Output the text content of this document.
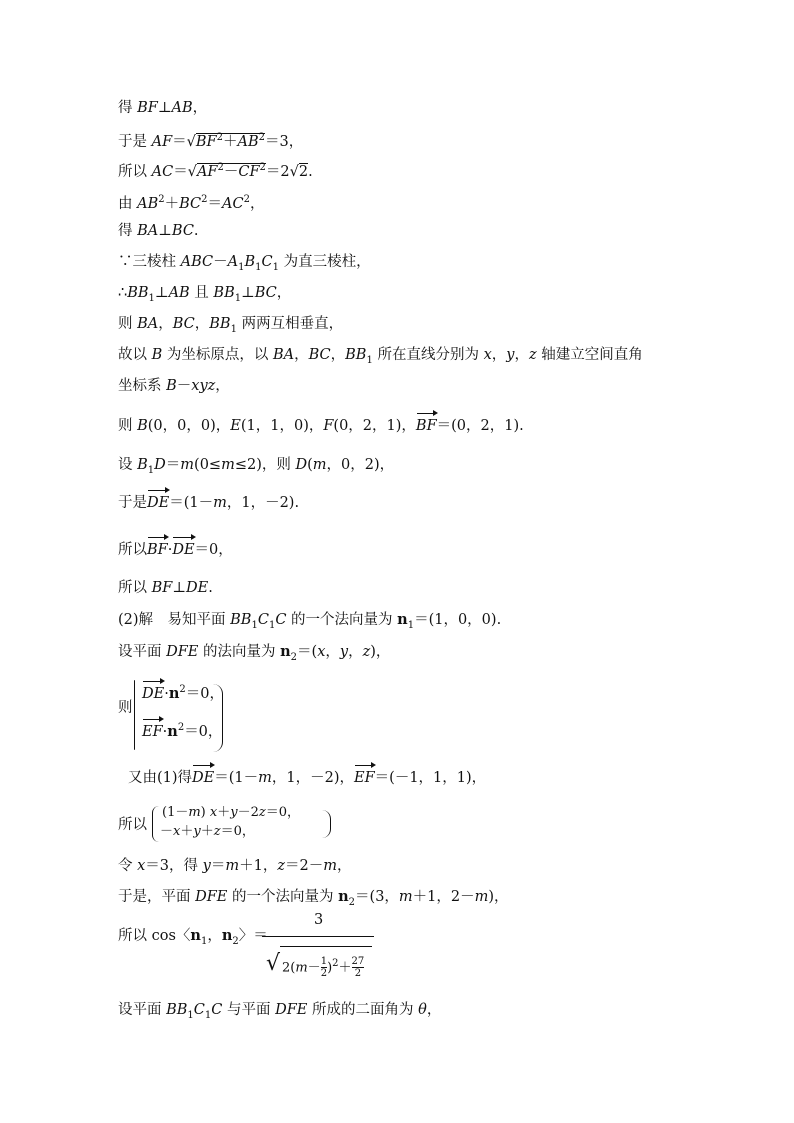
得 BF⊥AB，
于是 $AF=√BF^2+AB^2=3$，
所以 $AC=√AF^2-CF^2=2√2$.
由 $AB^2+BC^2=AC^2$，
得 BA⊥BC.
∵三棱柱 $ABC-A_1B_1C_1$ 为直三棱柱，
$\therefore BB_1\perp AB$ 且 $BB_1\perp BC$，
则 BA，BC，$BB_1$ 两两互相垂直，
故以 B 为坐标原点，以 BA，BC，$BB_1$ 所在直线分别为 x，y，z 轴建立空间直角
坐标系 B－xyz，
则 B(0，0，0)，E(1，1，0)，F(0，2，1)，BF＝(0，2，1).
设 $B_1D=m(0\le m\le 2)$，则 D(m，0，2)，
于是DE＝(1－m，1，－2).
所以BF·DE＝0，
所以 BF⊥DE.
(2)解　易知平面 $BB_1C_1C$ 的一个法向量为 $n_1=(1$，0，0).
设平面 DFE 的法向量为 $n_2=(x$，y，z)，
则
$DE\cdot n^2=0$，
$EF\cdot n^2=0$，
又由(1)得DE＝(1－m，1，－2)，EF＝(－1，1，1)，
所以
(1－m) x＋y－2z＝0，
－x＋y＋z＝0，
令 x＝3，得 y＝m＋1，z＝2－m，
于是，平面 DFE 的一个法向量为 $n_2=(3$，m＋1，2－m)，
所以 cos〈$n_1$，$n_2$〉＝
3
√ 2(m－1

2 )$^2$＋27

2
设平面 $BB_1C_1C$ 与平面 DFE 所成的二面角为 θ，
